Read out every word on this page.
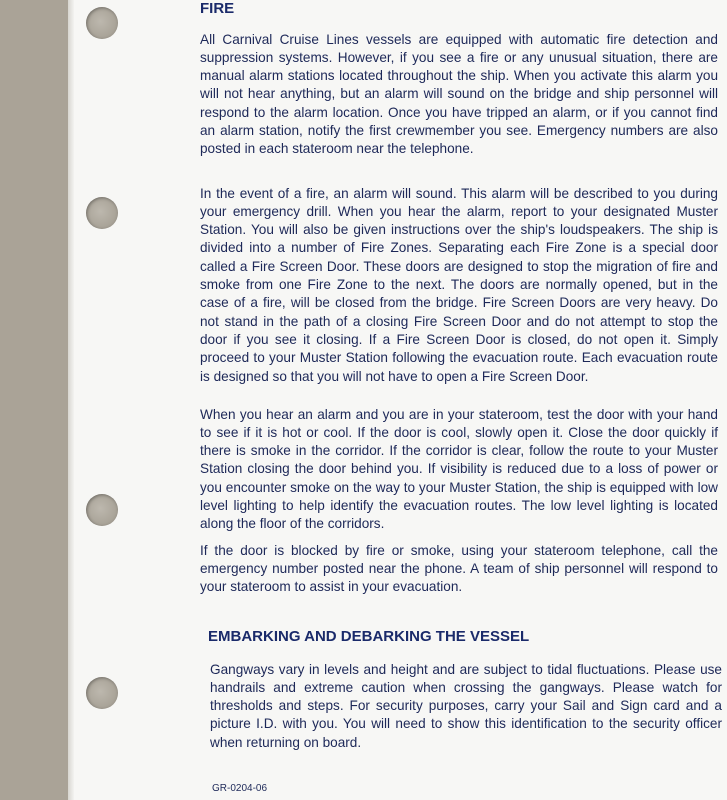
FIRE

All Carnival Cruise Lines vessels are equipped with automatic fire detection and suppression systems. However, if you see a fire or any unusual situation, there are manual alarm stations located throughout the ship. When you activate this alarm you will not hear anything, but an alarm will sound on the bridge and ship personnel will respond to the alarm location. Once you have tripped an alarm, or if you cannot find an alarm station, notify the first crewmember you see. Emergency numbers are also posted in each stateroom near the telephone.

In the event of a fire, an alarm will sound. This alarm will be described to you during your emergency drill. When you hear the alarm, report to your designated Muster Station. You will also be given instructions over the ship's loudspeakers. The ship is divided into a number of Fire Zones. Separating each Fire Zone is a special door called a Fire Screen Door. These doors are designed to stop the migration of fire and smoke from one Fire Zone to the next. The doors are normally opened, but in the case of a fire, will be closed from the bridge. Fire Screen Doors are very heavy. Do not stand in the path of a closing Fire Screen Door and do not attempt to stop the door if you see it closing. If a Fire Screen Door is closed, do not open it. Simply proceed to your Muster Station following the evacuation route. Each evacuation route is designed so that you will not have to open a Fire Screen Door.

When you hear an alarm and you are in your stateroom, test the door with your hand to see if it is hot or cool. If the door is cool, slowly open it. Close the door quickly if there is smoke in the corridor. If the corridor is clear, follow the route to your Muster Station closing the door behind you. If visibility is reduced due to a loss of power or you encounter smoke on the way to your Muster Station, the ship is equipped with low level lighting to help identify the evacuation routes. The low level lighting is located along the floor of the corridors.

If the door is blocked by fire or smoke, using your stateroom telephone, call the emergency number posted near the phone. A team of ship personnel will respond to your stateroom to assist in your evacuation.

EMBARKING AND DEBARKING THE VESSEL

Gangways vary in levels and height and are subject to tidal fluctuations. Please use handrails and extreme caution when crossing the gangways. Please watch for thresholds and steps. For security purposes, carry your Sail and Sign card and a picture I.D. with you. You will need to show this identification to the security officer when returning on board.

GR-0204-06
